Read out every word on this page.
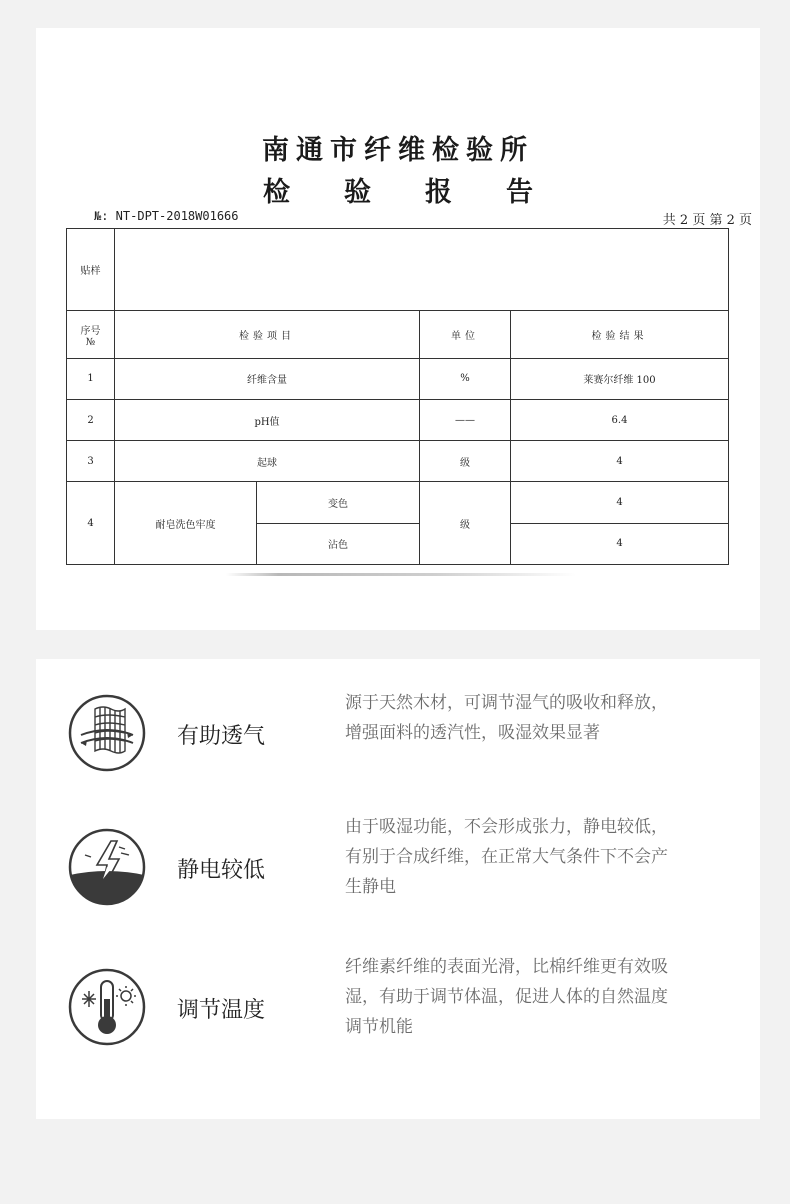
南通市纤维检验所
检　　验　　报　　告
№: NT-DPT-2018W01666	共 2 页 第 2 页
贴样				
序号
№	检验项目		单位	检验结果
1	纤维含量		%	莱赛尔纤维 100
2	pH值		——	6.4
3	起球		级	4
4	耐皂洗色牢度	变色	级	4
		沾色		4
有助透气
源于天然木材，可调节湿气的吸收和释放，
增强面料的透汽性，吸湿效果显著
静电较低
由于吸湿功能，不会形成张力，静电较低，
有别于合成纤维，在正常大气条件下不会产
生静电
调节温度
纤维素纤维的表面光滑，比棉纤维更有效吸
湿，有助于调节体温，促进人体的自然温度
调节机能
